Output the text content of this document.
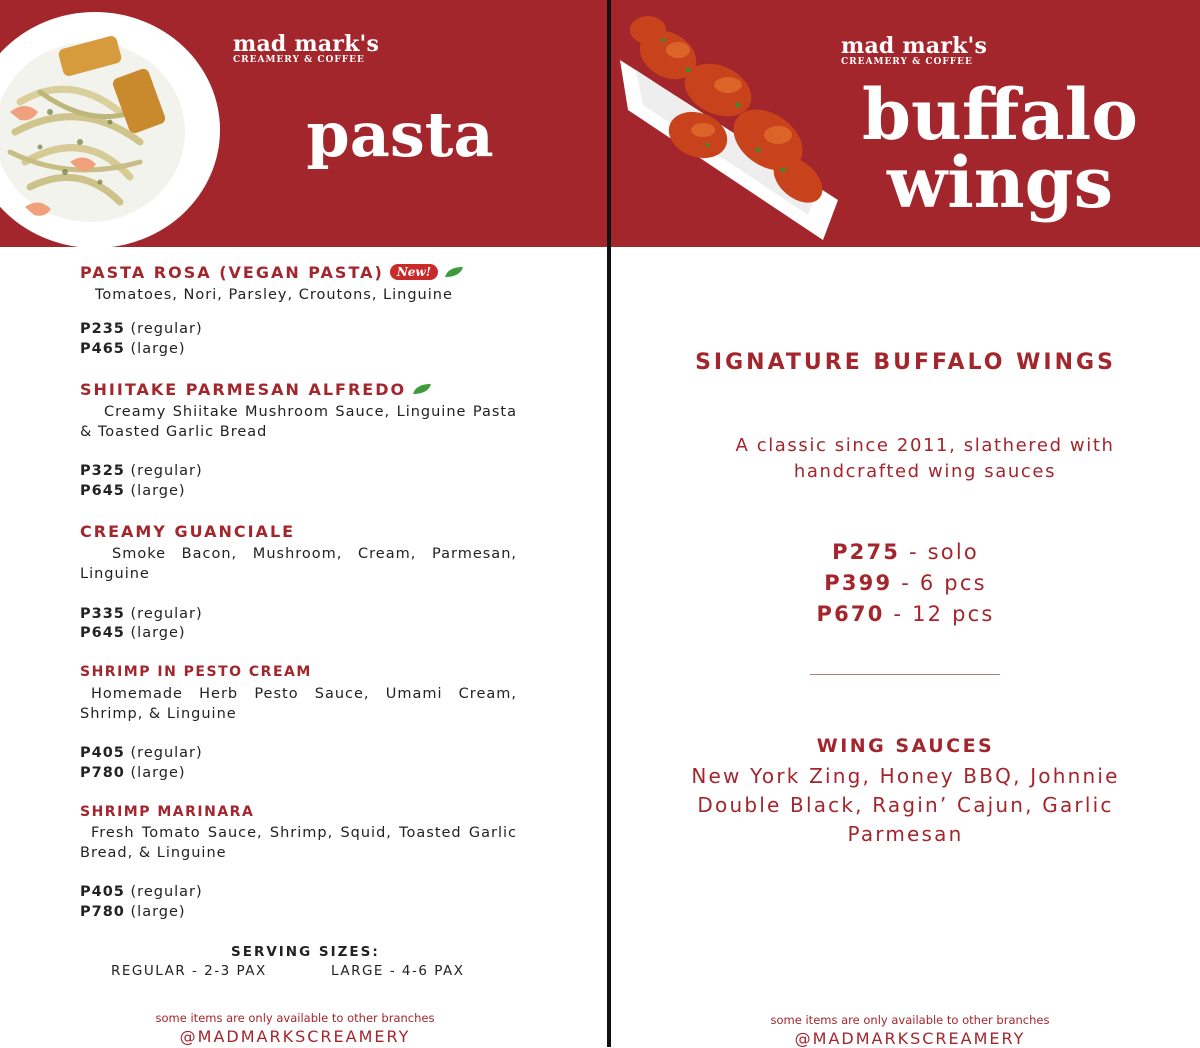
mad mark's
CREAMERY & COFFEE
pasta
mad mark's
CREAMERY & COFFEE
buffalo
wings
PASTA ROSA (VEGAN PASTA) New!
Tomatoes, Nori, Parsley, Croutons, Linguine
P235 (regular)
P465 (large)
SHIITAKE PARMESAN ALFREDO
Creamy Shiitake Mushroom Sauce, Linguine Pasta & Toasted Garlic Bread
P325 (regular)
P645 (large)
CREAMY GUANCIALE
Smoke Bacon, Mushroom, Cream, Parmesan, Linguine
P335 (regular)
P645 (large)
SHRIMP IN PESTO CREAM
Homemade Herb Pesto Sauce, Umami Cream, Shrimp, & Linguine
P405 (regular)
P780 (large)
SHRIMP MARINARA
Fresh Tomato Sauce, Shrimp, Squid, Toasted Garlic Bread, & Linguine
P405 (regular)
P780 (large)
SERVING SIZES:
REGULAR - 2-3 PAX	LARGE - 4-6 PAX
some items are only available to other branches
@MADMARKSCREAMERY
SIGNATURE BUFFALO WINGS
A classic since 2011, slathered with
handcrafted wing sauces
P275 - solo
P399 - 6 pcs
P670 - 12 pcs
WING SAUCES
New York Zing, Honey BBQ, Johnnie
Double Black, Ragin’ Cajun, Garlic
Parmesan
some items are only available to other branches
@MADMARKSCREAMERY
